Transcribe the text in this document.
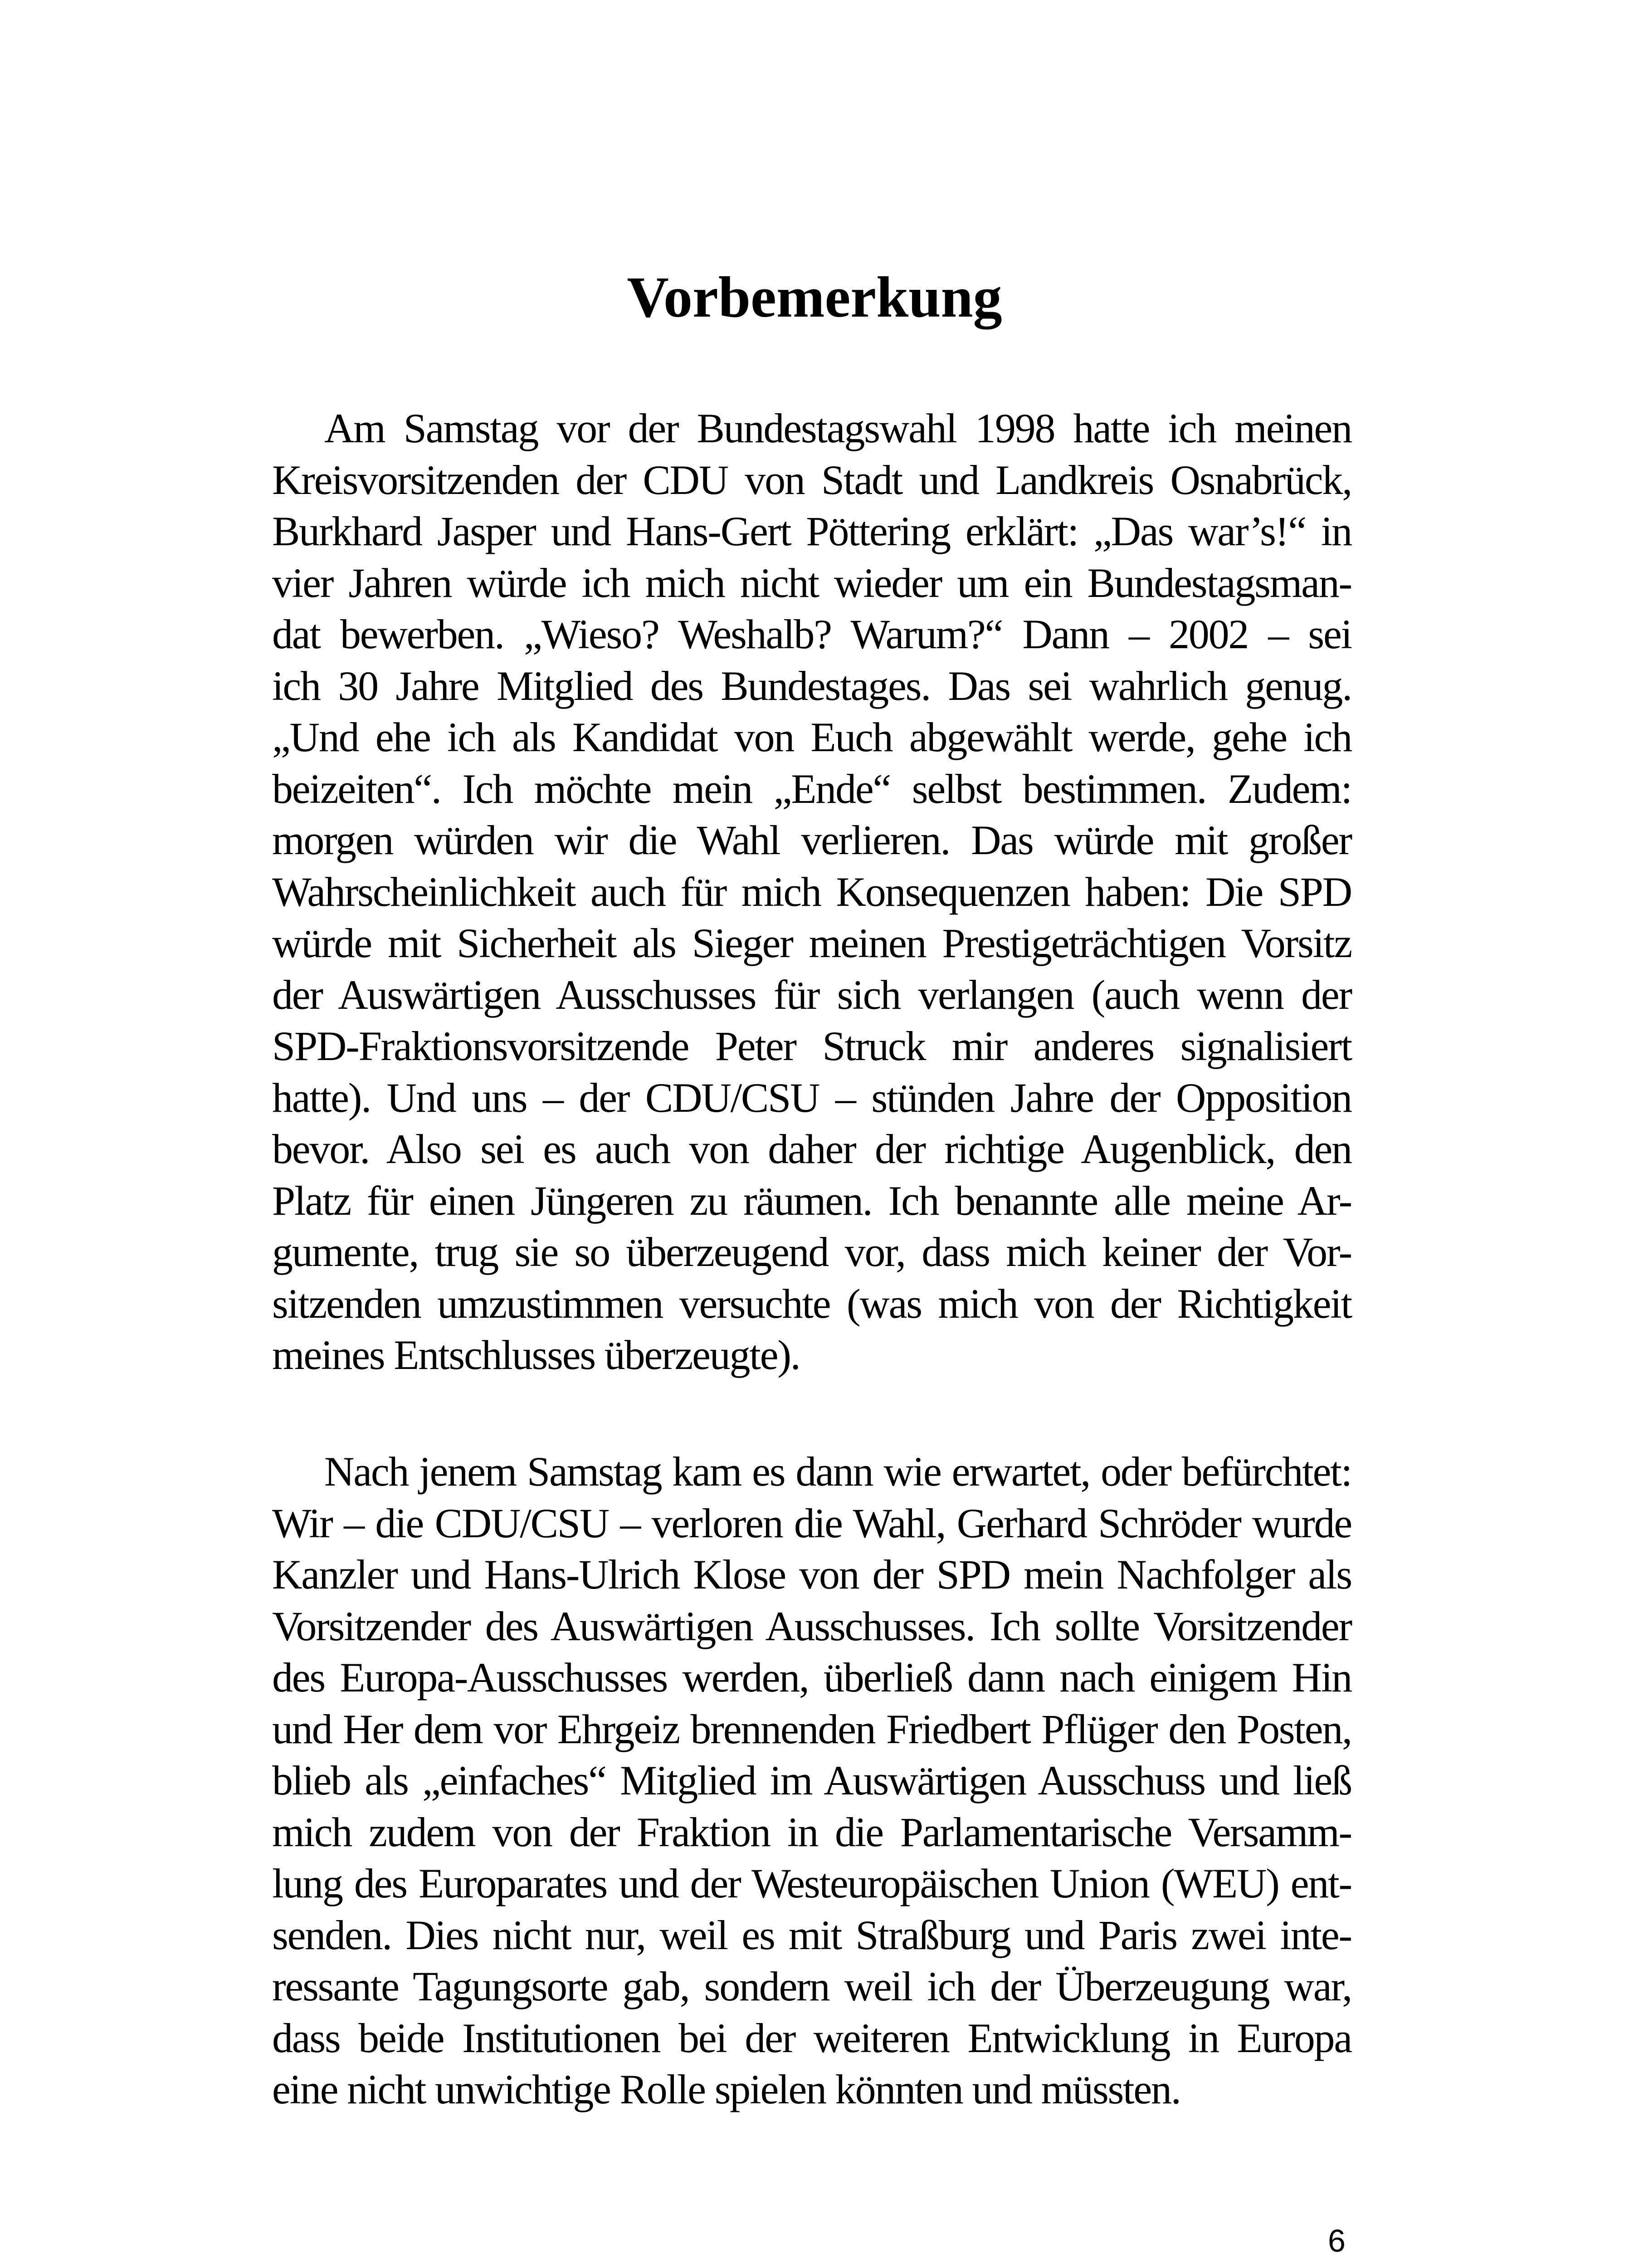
Vorbemerkung
Am Samstag vor der Bundestagswahl 1998 hatte ich meinen
Kreisvorsitzenden der CDU von Stadt und Landkreis Osnabrück,
Burkhard Jasper und Hans-Gert Pöttering erklärt: „Das war’s!“ in
vier Jahren würde ich mich nicht wieder um ein Bundestagsman-
dat bewerben. „Wieso? Weshalb? Warum?“ Dann – 2002 – sei
ich 30 Jahre Mitglied des Bundestages. Das sei wahrlich genug.
„Und ehe ich als Kandidat von Euch abgewählt werde, gehe ich
beizeiten“. Ich möchte mein „Ende“ selbst bestimmen. Zudem:
morgen würden wir die Wahl verlieren. Das würde mit großer
Wahrscheinlichkeit auch für mich Konsequenzen haben: Die SPD
würde mit Sicherheit als Sieger meinen Prestigeträchtigen Vorsitz
der Auswärtigen Ausschusses für sich verlangen (auch wenn der
SPD-Fraktionsvorsitzende Peter Struck mir anderes signalisiert
hatte). Und uns – der CDU/CSU – stünden Jahre der Opposition
bevor. Also sei es auch von daher der richtige Augenblick, den
Platz für einen Jüngeren zu räumen. Ich benannte alle meine Ar-
gumente, trug sie so überzeugend vor, dass mich keiner der Vor-
sitzenden umzustimmen versuchte (was mich von der Richtigkeit
meines Entschlusses überzeugte).
Nach jenem Samstag kam es dann wie erwartet, oder befürchtet:
Wir – die CDU/CSU – verloren die Wahl, Gerhard Schröder wurde
Kanzler und Hans-Ulrich Klose von der SPD mein Nachfolger als
Vorsitzender des Auswärtigen Ausschusses. Ich sollte Vorsitzender
des Europa-Ausschusses werden, überließ dann nach einigem Hin
und Her dem vor Ehrgeiz brennenden Friedbert Pflüger den Posten,
blieb als „einfaches“ Mitglied im Auswärtigen Ausschuss und ließ
mich zudem von der Fraktion in die Parlamentarische Versamm-
lung des Europarates und der Westeuropäischen Union (WEU) ent-
senden. Dies nicht nur, weil es mit Straßburg und Paris zwei inte-
ressante Tagungsorte gab, sondern weil ich der Überzeugung war,
dass beide Institutionen bei der weiteren Entwicklung in Europa
eine nicht unwichtige Rolle spielen könnten und müssten.
6
